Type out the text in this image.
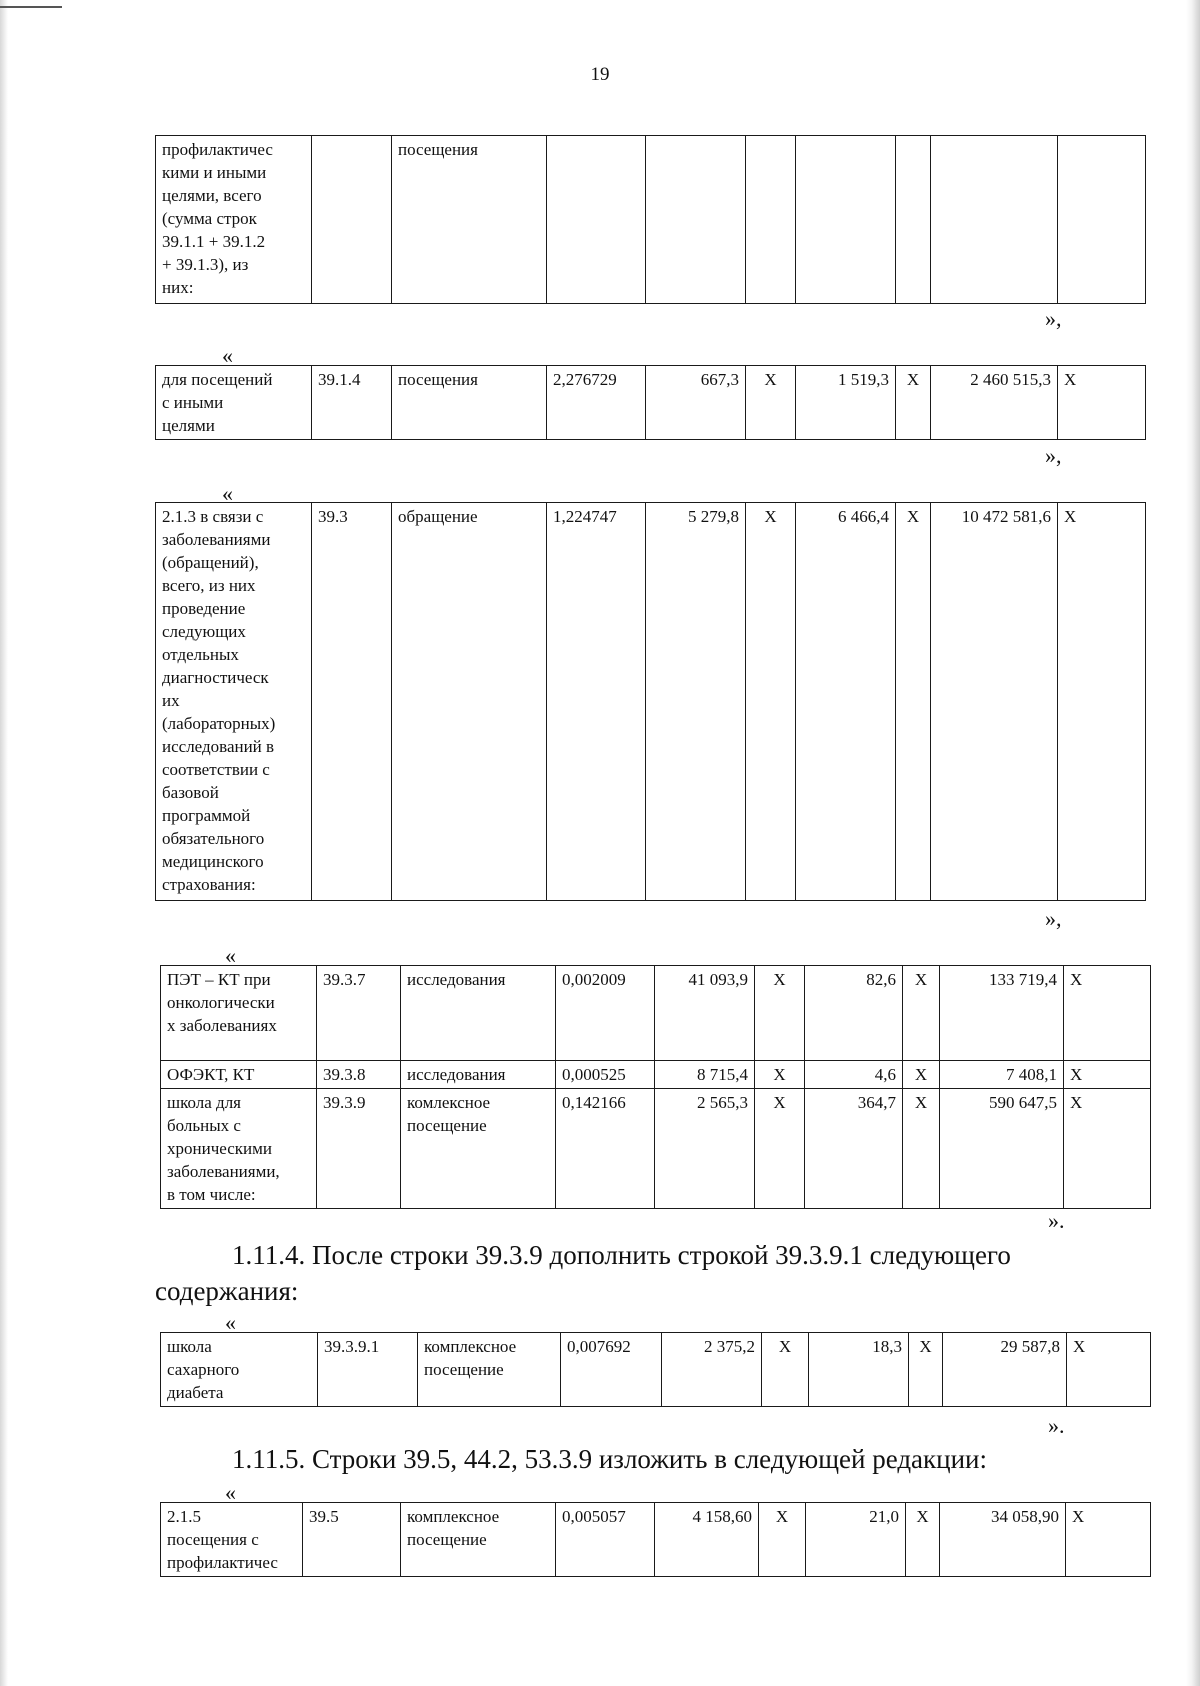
19
профилактичес
кими и иными
целями, всего
(сумма строк
39.1.1 + 39.1.2
+ 39.1.3), из
них:		посещения							
»,
«
для посещений
с иными
целями	39.1.4	посещения	2,276729	667,3	Х	1 519,3	Х	2 460 515,3	Х
»,
«
2.1.3 в связи с
заболеваниями
(обращений),
всего, из них
проведение
следующих
отдельных
диагностическ
их
(лабораторных)
исследований в
соответствии с
базовой
программой
обязательного
медицинского
страхования:	39.3	обращение	1,224747	5 279,8	Х	6 466,4	Х	10 472 581,6	Х
»,
«
ПЭТ – КТ при
онкологически
х заболеваниях	39.3.7	исследования	0,002009	41 093,9	Х	82,6	Х	133 719,4	Х
ОФЭКТ, КТ	39.3.8	исследования	0,000525	8 715,4	Х	4,6	Х	7 408,1	Х
школа для
больных с
хроническими
заболеваниями,
в том числе:	39.3.9	комлексное
посещение	0,142166	2 565,3	Х	364,7	Х	590 647,5	Х
».
1.11.4. После строки 39.3.9 дополнить строкой 39.3.9.1 следующего
содержания:
«
школа
сахарного
диабета	39.3.9.1	комплексное
посещение	0,007692	2 375,2	Х	18,3	Х	29 587,8	Х
».
1.11.5. Строки 39.5, 44.2, 53.3.9 изложить в следующей редакции:
«
2.1.5
посещения с
профилактичес	39.5	комплексное
посещение	0,005057	4 158,60	Х	21,0	Х	34 058,90	Х
